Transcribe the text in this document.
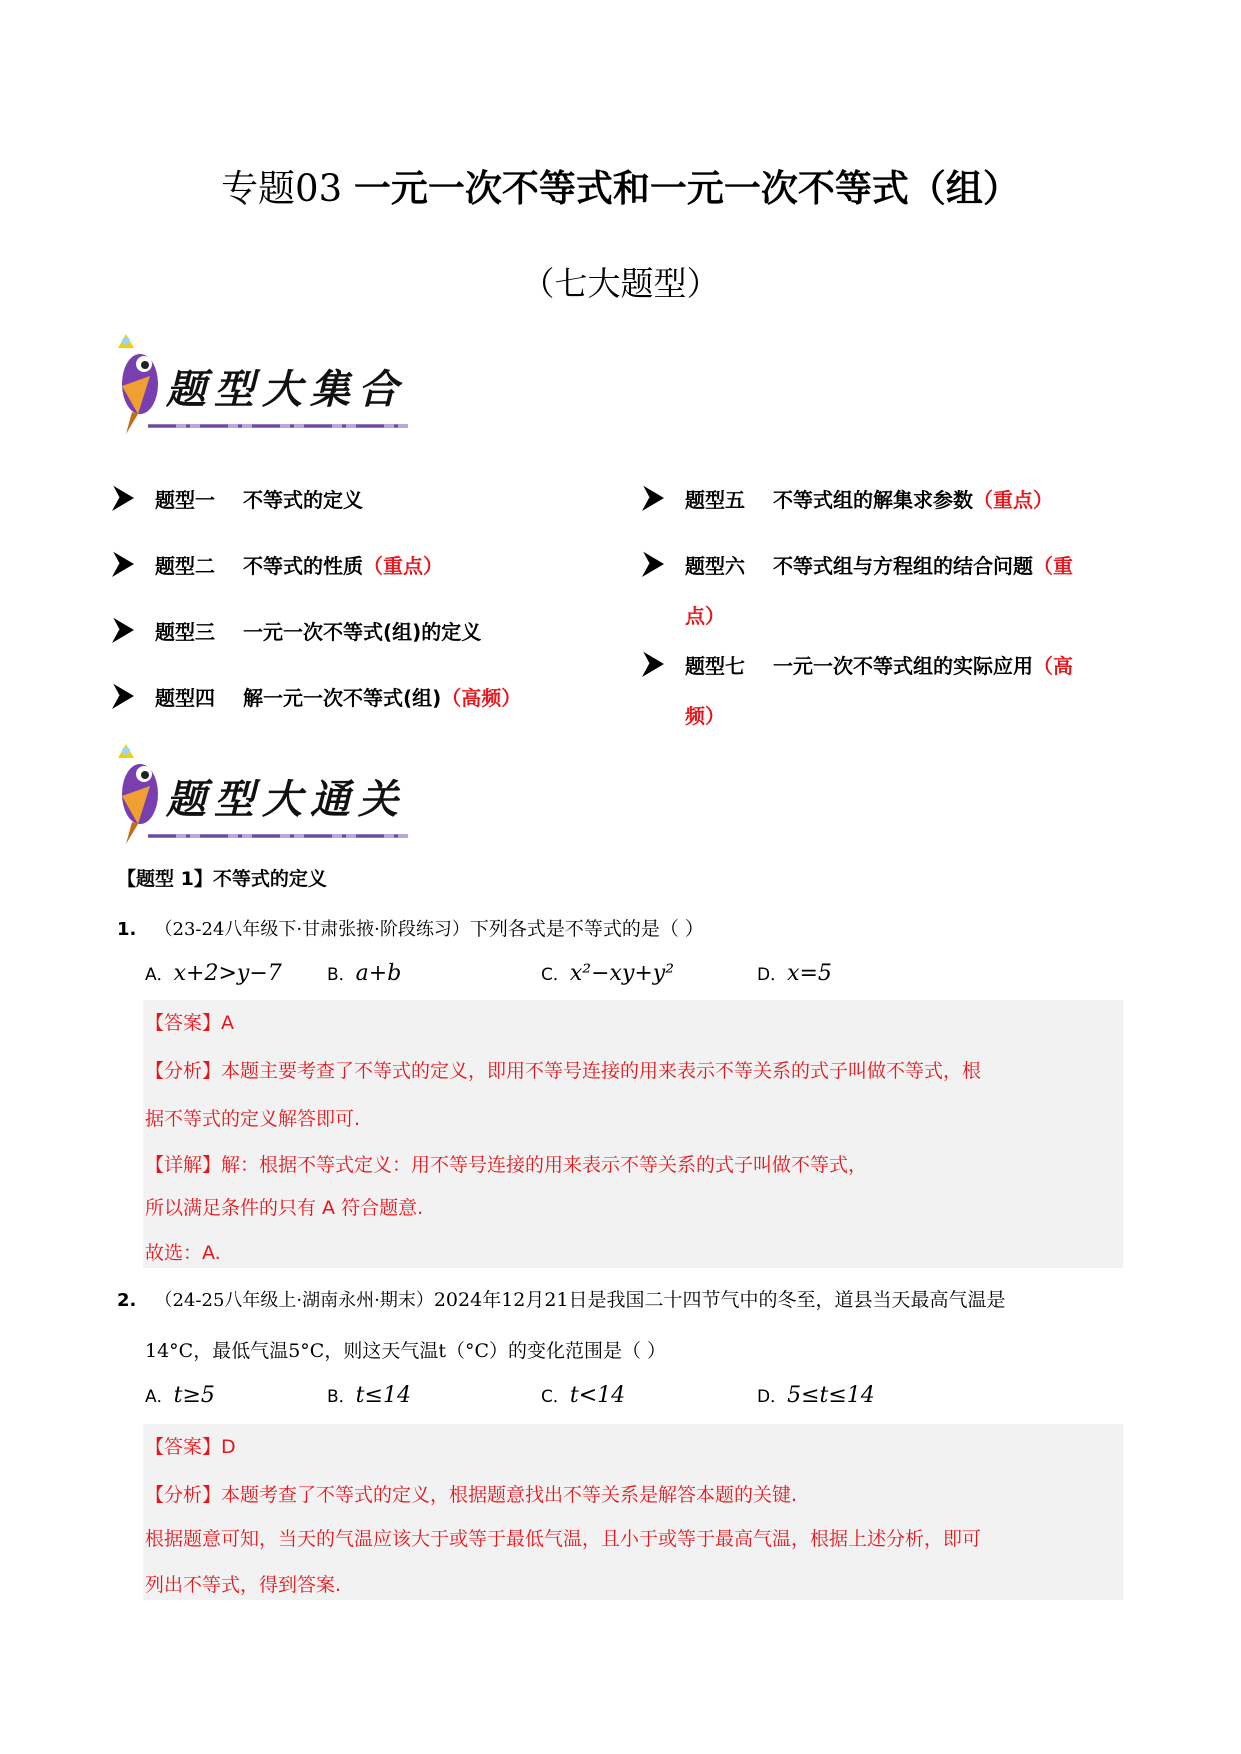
专题03 一元一次不等式和一元一次不等式（组）
（七大题型）
题型大集合
题型一 不等式的定义
题型二 不等式的性质（重点）
题型三 一元一次不等式(组)的定义
题型四 解一元一次不等式(组)（高频）
题型五 不等式组的解集求参数（重点）
题型六 不等式组与方程组的结合问题（重
点）
题型七 一元一次不等式组的实际应用（高
频）
题型大通关
【题型 1】不等式的定义
1. （23-24八年级下·甘肃张掖·阶段练习）下列各式是不等式的是（ ）
A．x+2>y−7	B．a+b	C．x²−xy+y²	D．x=5
【答案】A
【分析】本题主要考查了不等式的定义，即用不等号连接的用来表示不等关系的式子叫做不等式，根
据不等式的定义解答即可.
【详解】解：根据不等式定义：用不等号连接的用来表示不等关系的式子叫做不等式，
所以满足条件的只有 A 符合题意.
故选：A.
2. （24-25八年级上·湖南永州·期末）2024年12月21日是我国二十四节气中的冬至，道县当天最高气温是
14°C，最低气温5°C，则这天气温t（°C）的变化范围是（ ）
A．t≥5	B．t≤14	C．t<14	D．5≤t≤14
【答案】D
【分析】本题考查了不等式的定义，根据题意找出不等关系是解答本题的关键.
根据题意可知，当天的气温应该大于或等于最低气温，且小于或等于最高气温，根据上述分析，即可
列出不等式，得到答案.
